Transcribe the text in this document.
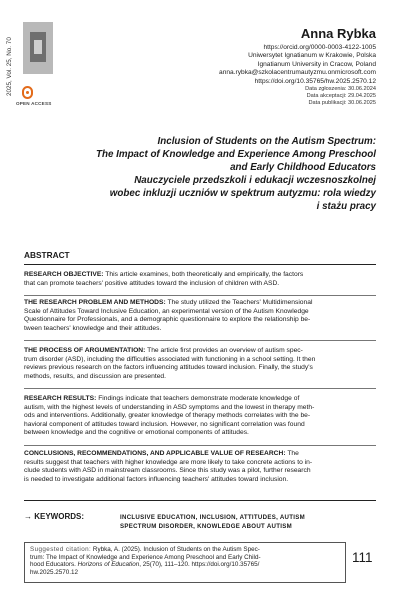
2025, Vol. 25, No. 70
OPEN ACCESS
Anna Rybka
https://orcid.org/0000-0003-4122-1005
Uniwersytet Ignatianum w Krakowie, Polska
Ignatianum University in Cracow, Poland
anna.rybka@szkolacentrumautyzmu.onmicrosoft.com
https://doi.org/10.35765/hw.2025.2570.12
Data zgłoszenia: 30.06.2024
Data akceptacji: 29.04.2025
Data publikacji: 30.06.2025
Inclusion of Students on the Autism Spectrum:
The Impact of Knowledge and Experience Among Preschool
and Early Childhood Educators
Nauczyciele przedszkoli i edukacji wczesnoszkolnej
wobec inkluzji uczniów w spektrum autyzmu: rola wiedzy
i stażu pracy
ABSTRACT
RESEARCH OBJECTIVE: This article examines, both theoretically and empirically, the factors
that can promote teachers' positive attitudes toward the inclusion of children with ASD.
THE RESEARCH PROBLEM AND METHODS: The study utilized the Teachers' Multidimensional
Scale of Attitudes Toward Inclusive Education, an experimental version of the Autism Knowledge
Questionnaire for Professionals, and a demographic questionnaire to explore the relationship be-
tween teachers' knowledge and their attitudes.
THE PROCESS OF ARGUMENTATION: The article first provides an overview of autism spec-
trum disorder (ASD), including the difficulties associated with functioning in a school setting. It then
reviews previous research on the factors influencing attitudes toward inclusion. Finally, the study's
methods, results, and discussion are presented.
RESEARCH RESULTS: Findings indicate that teachers demonstrate moderate knowledge of
autism, with the highest levels of understanding in ASD symptoms and the lowest in therapy meth-
ods and interventions. Additionally, greater knowledge of therapy methods correlates with the be-
havioral component of attitudes toward inclusion. However, no significant correlation was found
between knowledge and the cognitive or emotional components of attitudes.
CONCLUSIONS, RECOMMENDATIONS, AND APPLICABLE VALUE OF RESEARCH: The
results suggest that teachers with higher knowledge are more likely to take concrete actions to in-
clude students with ASD in mainstream classrooms. Since this study was a pilot, further research
is needed to investigate additional factors influencing teachers' attitudes toward inclusion.
→ KEYWORDS:	INCLUSIVE EDUCATION, INCLUSION, ATTITUDES, AUTISM
SPECTRUM DISORDER, KNOWLEDGE ABOUT AUTISM
Suggested citation: Rybka, A. (2025). Inclusion of Students on the Autism Spec-
trum: The Impact of Knowledge and Experience Among Preschool and Early Child-
hood Educators. Horizons of Education, 25(70), 111–120. https://doi.org/10.35765/
hw.2025.2570.12
111
